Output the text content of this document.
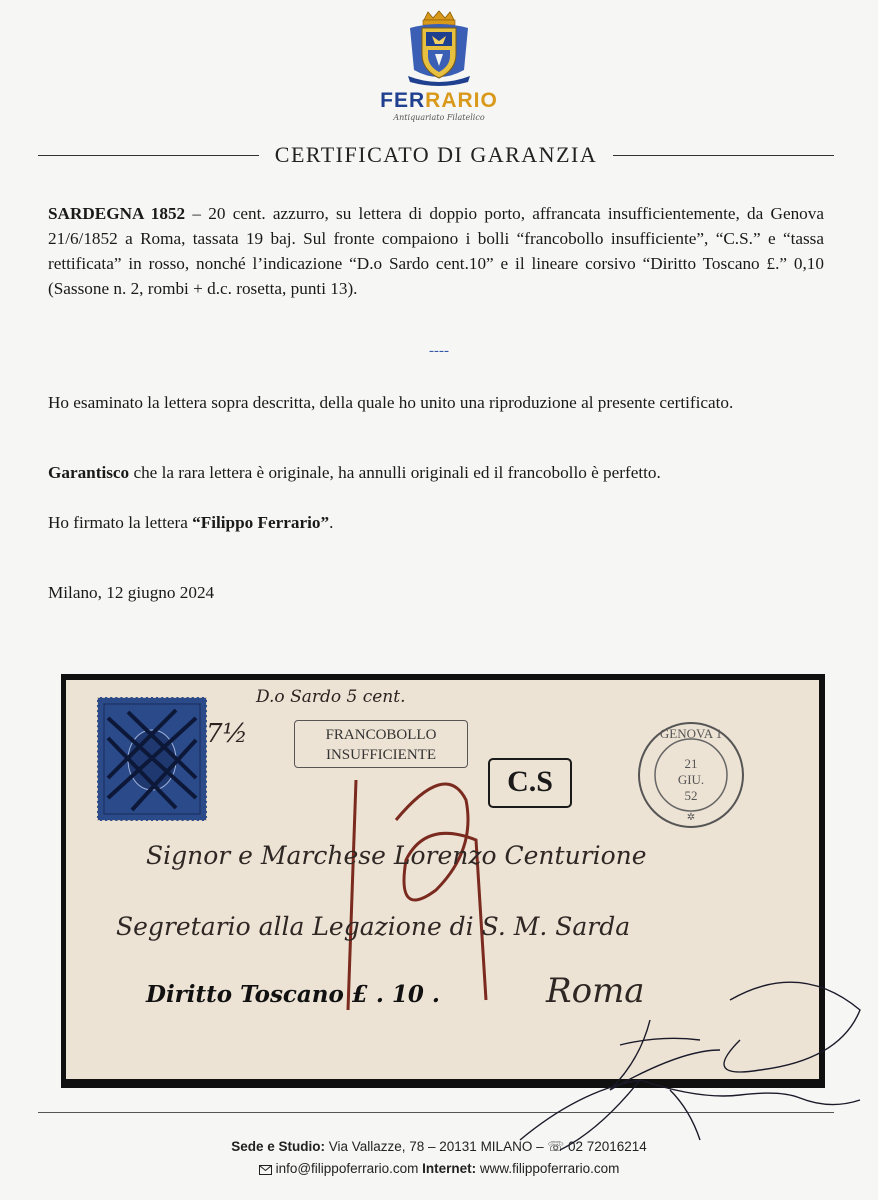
FERRARIO
Antiquariato Filatelico
CERTIFICATO DI GARANZIA

SARDEGNA 1852 – 20 cent. azzurro, su lettera di doppio porto, affrancata insufficientemente, da Genova 21/6/1852 a Roma, tassata 19 baj. Sul fronte compaiono i bolli “francobollo insufficiente”, “C.S.” e “tassa rettificata” in rosso, nonché l’indicazione “D.o Sardo cent.10” e il lineare corsivo “Diritto Toscano £.” 0,10 (Sassone n. 2, rombi + d.c. rosetta, punti 13).

----

Ho esaminato la lettera sopra descritta, della quale ho unito una riproduzione al presente certificato.

Garantisco che la rara lettera è originale, ha annulli originali ed il francobollo è perfetto.

Ho firmato la lettera “Filippo Ferrario”.

Milano, 12 giugno 2024

FRANCOBOLLO
INSUFFICIENTE
C.S
GENOVA 1
21
GIU.
52
✲
7½
D.o Sardo 5 cent.
Signor e Marchese Lorenzo Centurione
Segretario alla Legazione di S. M. Sarda
Diritto Toscano £ . 10 .	Roma
19
Sede e Studio: Via Vallazze, 78 – 20131 MILANO – ☏ 02 72016214
info@filippoferrario.com Internet: www.filippoferrario.com
